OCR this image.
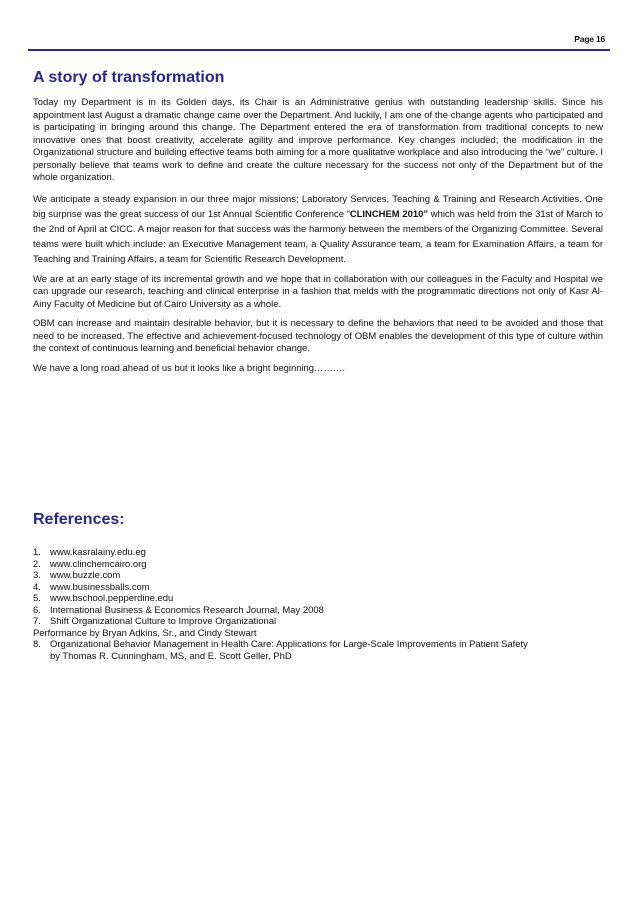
Page 16
A story of transformation

Today my Department is in its Golden days, its Chair is an Administrative genius with outstanding leadership skills. Since his appointment last August a dramatic change came over the Department. And luckily, I am one of the change agents who participated and is participating in bringing around this change. The Department entered the era of transformation from traditional concepts to new innovative ones that boost creativity, accelerate agility and improve performance. Key changes included; the modification in the Organizational structure and building effective teams both aiming for a more qualitative workplace and also introducing the “we” culture. I personally believe that teams work to define and create the culture necessary for the success not only of the Department but of the whole organization.

We anticipate a steady expansion in our three major missions; Laboratory Services, Teaching & Training and Research Activities. One big surprise was the great success of our 1st Annual Scientific Conference “CLINCHEM 2010” which was held from the 31st of March to the 2nd of April at CICC. A major reason for that success was the harmony between the members of the Organizing Committee. Several teams were built which include: an Executive Management team, a Quality Assurance team, a team for Examination Affairs, a team for Teaching and Training Affairs, a team for Scientific Research Development.

We are at an early stage of its incremental growth and we hope that in collaboration with our colleagues in the Faculty and Hospital we can upgrade our research, teaching and clinical enterprise in a fashion that melds with the programmatic directions not only of Kasr Al-Ainy Faculty of Medicine but of Cairo University as a whole.

OBM can increase and maintain desirable behavior, but it is necessary to define the behaviors that need to be avoided and those that need to be increased. The effective and achievement-focused technology of OBM enables the development of this type of culture within the context of continuous learning and beneficial behavior change.

We have a long road ahead of us but it looks like a bright beginning……….

References:
1. www.kasralainy.edu.eg
2. www.clinchemcairo.org
3. www.buzzle.com
4. www.businessballs.com
5. www.bschool.pepperdine.edu
6. International Business & Economics Research Journal, May 2008
7. Shift Organizational Culture to Improve Organizational
Performance by Bryan Adkins, Sr., and Cindy Stewart
8. Organizational Behavior Management in Health Care: Applications for Large-Scale Improvements in Patient Safety
by Thomas R. Cunningham, MS, and E. Scott Geller, PhD
